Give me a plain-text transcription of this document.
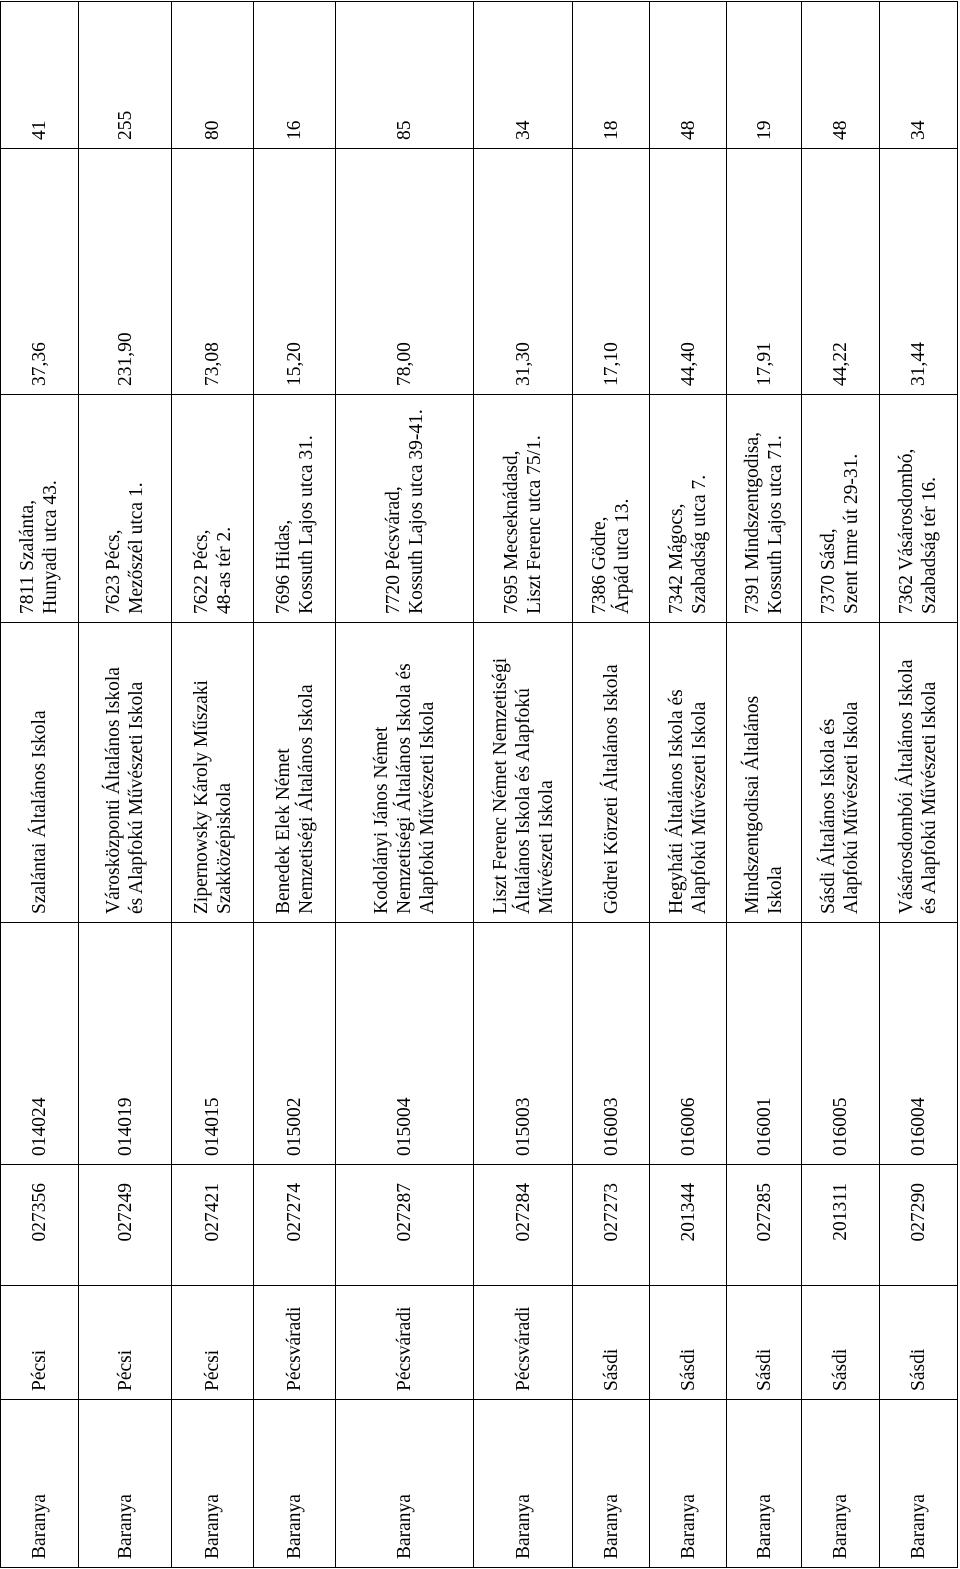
Baranya	Pécsi	027356	014024	Szalántai Általános Iskola	7811 Szalánta,
Hunyadi utca 43.	37,36	41
Baranya	Pécsi	027249	014019	Városközponti Általános Iskola
és Alapfokú Művészeti Iskola	7623 Pécs,
Mezőszél utca 1.	231,90	255
Baranya	Pécsi	027421	014015	Zipernowsky Károly Műszaki
Szakközépiskola	7622 Pécs,
48-as tér 2.	73,08	80
Baranya	Pécsváradi	027274	015002	Benedek Elek Német
Nemzetiségi Általános Iskola	7696 Hidas,
Kossuth Lajos utca 31.	15,20	16
Baranya	Pécsváradi	027287	015004	Kodolányi János Német
Nemzetiségi Általános Iskola és
Alapfokú Művészeti Iskola	7720 Pécsvárad,
Kossuth Lajos utca 39-41.	78,00	85
Baranya	Pécsváradi	027284	015003	Liszt Ferenc Német Nemzetiségi
Általános Iskola és Alapfokú
Művészeti Iskola	7695 Mecseknádasd,
Liszt Ferenc utca 75/1.	31,30	34
Baranya	Sásdi	027273	016003	Gödrei Körzeti Általános Iskola	7386 Gödre,
Árpád utca 13.	17,10	18
Baranya	Sásdi	201344	016006	Hegyháti Általános Iskola és
Alapfokú Művészeti Iskola	7342 Mágocs,
Szabadság utca 7.	44,40	48
Baranya	Sásdi	027285	016001	Mindszentgodisai Általános
Iskola	7391 Mindszentgodisa,
Kossuth Lajos utca 71.	17,91	19
Baranya	Sásdi	201311	016005	Sásdi Általános Iskola és
Alapfokú Művészeti Iskola	7370 Sásd,
Szent Imre út 29-31.	44,22	48
Baranya	Sásdi	027290	016004	Vásárosdombói Általános Iskola
és Alapfokú Művészeti Iskola	7362 Vásárosdombó,
Szabadság tér 16.	31,44	34
